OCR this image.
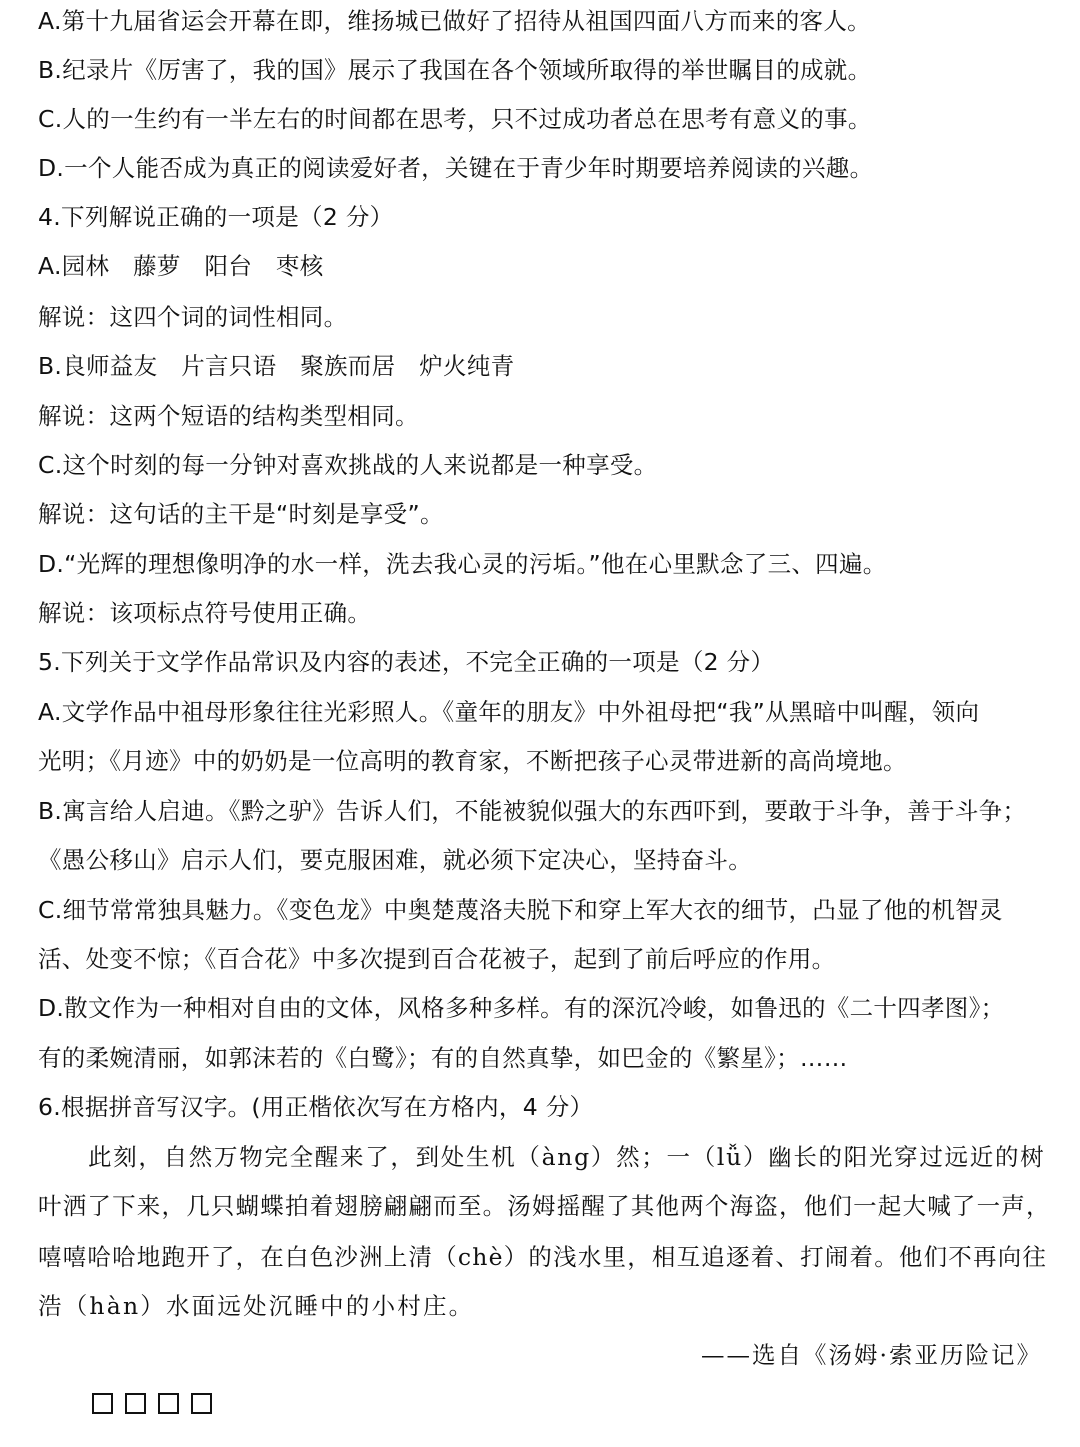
A.第十九届省运会开幕在即，维扬城已做好了招待从祖国四面八方而来的客人。
B.纪录片《厉害了，我的国》展示了我国在各个领域所取得的举世瞩目的成就。
C.人的一生约有一半左右的时间都在思考，只不过成功者总在思考有意义的事。
D.一个人能否成为真正的阅读爱好者，关键在于青少年时期要培养阅读的兴趣。
4.下列解说正确的一项是（2 分）
A.园林　藤萝　阳台　枣核
解说：这四个词的词性相同。
B.良师益友　片言只语　聚族而居　炉火纯青
解说：这两个短语的结构类型相同。
C.这个时刻的每一分钟对喜欢挑战的人来说都是一种享受。
解说：这句话的主干是“时刻是享受”。
D.“光辉的理想像明净的水一样，洗去我心灵的污垢。”他在心里默念了三、四遍。
解说：该项标点符号使用正确。
5.下列关于文学作品常识及内容的表述，不完全正确的一项是（2 分）
A.文学作品中祖母形象往往光彩照人。《童年的朋友》中外祖母把“我”从黑暗中叫醒，领向
光明；《月迹》中的奶奶是一位高明的教育家，不断把孩子心灵带进新的高尚境地。
B.寓言给人启迪。《黔之驴》告诉人们，不能被貌似强大的东西吓到，要敢于斗争，善于斗争；
《愚公移山》启示人们，要克服困难，就必须下定决心，坚持奋斗。
C.细节常常独具魅力。《变色龙》中奥楚蔑洛夫脱下和穿上军大衣的细节，凸显了他的机智灵
活、处变不惊；《百合花》中多次提到百合花被子，起到了前后呼应的作用。
D.散文作为一种相对自由的文体，风格多种多样。有的深沉冷峻，如鲁迅的《二十四孝图》；
有的柔婉清丽，如郭沫若的《白鹭》；有的自然真挚，如巴金的《繁星》；……
6.根据拼音写汉字。(用正楷依次写在方格内，4 分）
此刻，自然万物完全醒来了，到处生机（àng）然；一（lǚ）幽长的阳光穿过远近的树
叶洒了下来，几只蝴蝶拍着翅膀翩翩而至。汤姆摇醒了其他两个海盗，他们一起大喊了一声，
嘻嘻哈哈地跑开了，在白色沙洲上清（chè）的浅水里，相互追逐着、打闹着。他们不再向往
浩（hàn）水面远处沉睡中的小村庄。
——选自《汤姆·索亚历险记》
